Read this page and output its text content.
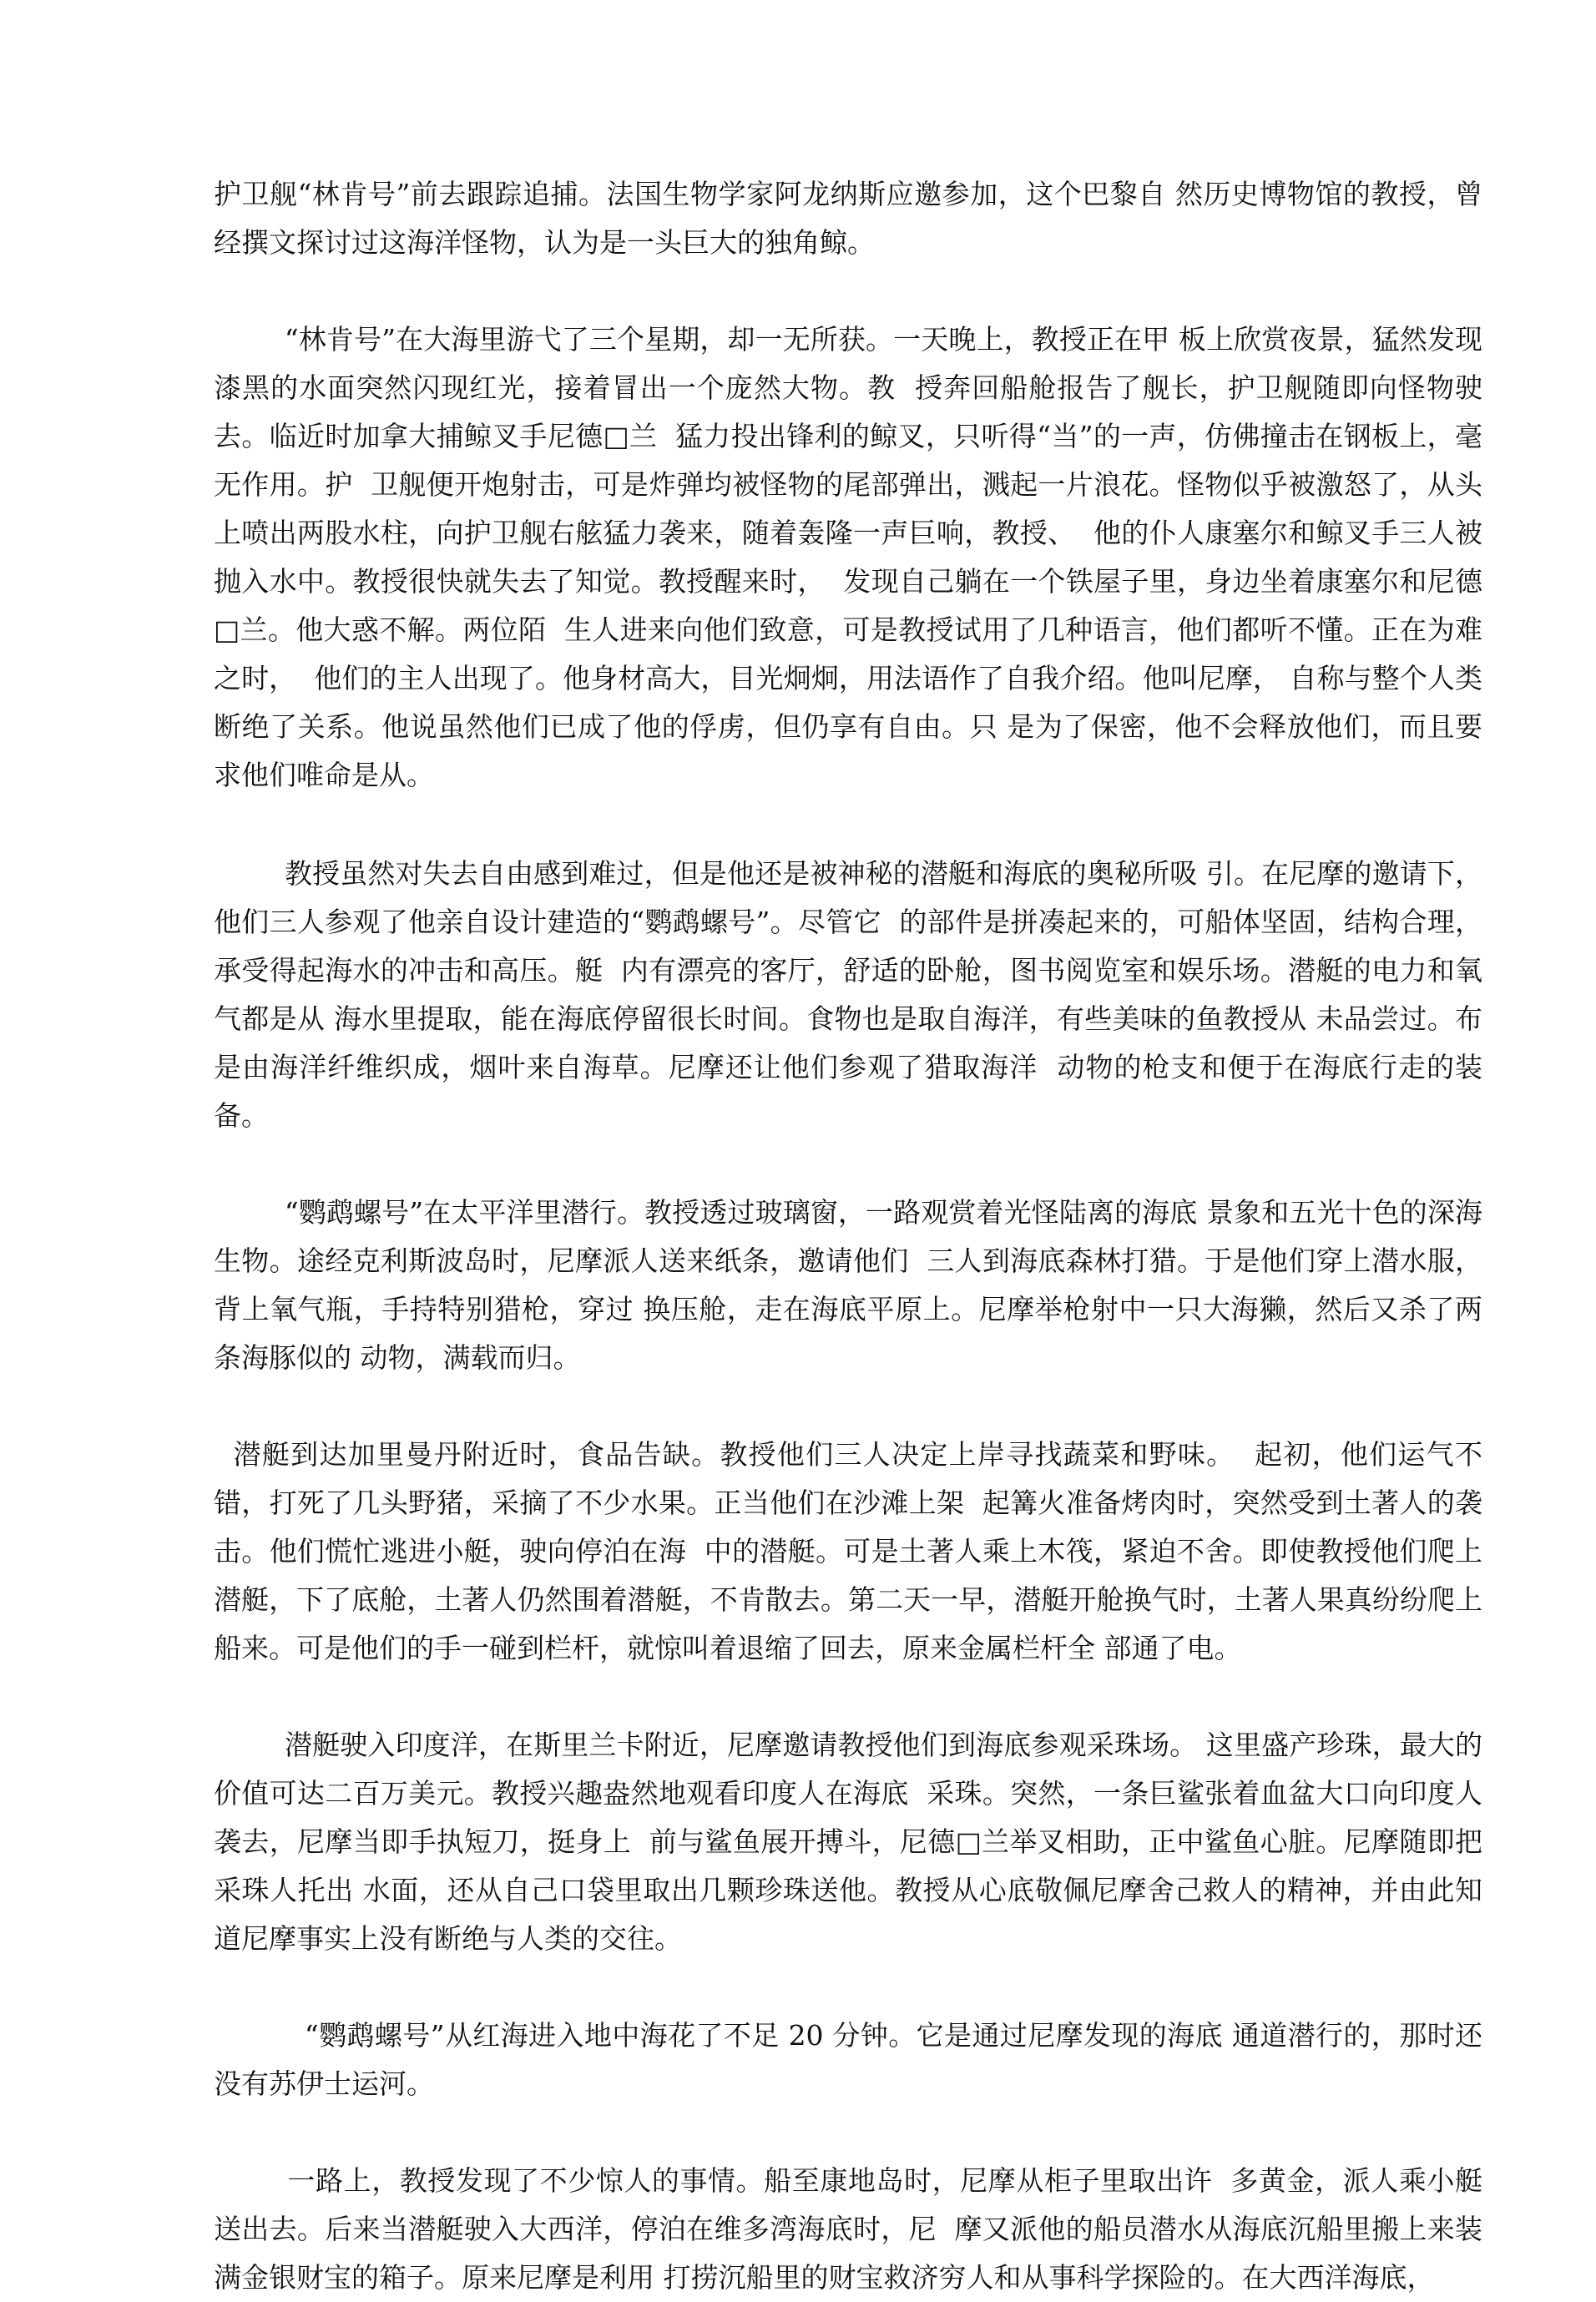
护卫舰“林肯号”前去跟踪追捕。法国生物学家阿龙纳斯应邀参加，这个巴黎自 然历史博物馆的教授，曾经撰文探讨过这海洋怪物，认为是一头巨大的独角鲸。

“林肯号”在大海里游弋了三个星期，却一无所获。一天晚上，教授正在甲 板上欣赏夜景，猛然发现漆黑的水面突然闪现红光，接着冒出一个庞然大物。教  授奔回船舱报告了舰长，护卫舰随即向怪物驶去。临近时加拿大捕鲸叉手尼德□兰  猛力投出锋利的鲸叉，只听得“当”的一声，仿佛撞击在钢板上，毫无作用。护  卫舰便开炮射击，可是炸弹均被怪物的尾部弹出，溅起一片浪花。怪物似乎被激怒了，从头上喷出两股水柱，向护卫舰右舷猛力袭来，随着轰隆一声巨响，教授、  他的仆人康塞尔和鲸叉手三人被抛入水中。教授很快就失去了知觉。教授醒来时，  发现自己躺在一个铁屋子里，身边坐着康塞尔和尼德□兰。他大惑不解。两位陌  生人进来向他们致意，可是教授试用了几种语言，他们都听不懂。正在为难之时，  他们的主人出现了。他身材高大，目光炯炯，用法语作了自我介绍。他叫尼摩， 自称与整个人类断绝了关系。他说虽然他们已成了他的俘虏，但仍享有自由。只 是为了保密，他不会释放他们，而且要求他们唯命是从。

教授虽然对失去自由感到难过，但是他还是被神秘的潜艇和海底的奥秘所吸 引。在尼摩的邀请下，他们三人参观了他亲自设计建造的“鹦鹉螺号”。尽管它  的部件是拼凑起来的，可船体坚固，结构合理，承受得起海水的冲击和高压。艇  内有漂亮的客厅，舒适的卧舱，图书阅览室和娱乐场。潜艇的电力和氧气都是从 海水里提取，能在海底停留很长时间。食物也是取自海洋，有些美味的鱼教授从 未品尝过。布是由海洋纤维织成，烟叶来自海草。尼摩还让他们参观了猎取海洋  动物的枪支和便于在海底行走的装备。

“鹦鹉螺号”在太平洋里潜行。教授透过玻璃窗，一路观赏着光怪陆离的海底 景象和五光十色的深海生物。途经克利斯波岛时，尼摩派人送来纸条，邀请他们  三人到海底森林打猎。于是他们穿上潜水服，背上氧气瓶，手持特别猎枪，穿过 换压舱，走在海底平原上。尼摩举枪射中一只大海獭，然后又杀了两条海豚似的 动物，满载而归。

潜艇到达加里曼丹附近时，食品告缺。教授他们三人决定上岸寻找蔬菜和野味。  起初，他们运气不错，打死了几头野猪，采摘了不少水果。正当他们在沙滩上架  起篝火准备烤肉时，突然受到土著人的袭击。他们慌忙逃进小艇，驶向停泊在海  中的潜艇。可是土著人乘上木筏，紧迫不舍。即使教授他们爬上潜艇，下了底舱，土著人仍然围着潜艇，不肯散去。第二天一早，潜艇开舱换气时，土著人果真纷纷爬上船来。可是他们的手一碰到栏杆，就惊叫着退缩了回去，原来金属栏杆全 部通了电。

潜艇驶入印度洋，在斯里兰卡附近，尼摩邀请教授他们到海底参观采珠场。 这里盛产珍珠，最大的价值可达二百万美元。教授兴趣盎然地观看印度人在海底  采珠。突然，一条巨鲨张着血盆大口向印度人袭去，尼摩当即手执短刀，挺身上  前与鲨鱼展开搏斗，尼德□兰举叉相助，正中鲨鱼心脏。尼摩随即把采珠人托出 水面，还从自己口袋里取出几颗珍珠送他。教授从心底敬佩尼摩舍己救人的精神，并由此知道尼摩事实上没有断绝与人类的交往。

“鹦鹉螺号”从红海进入地中海花了不足 20 分钟。它是通过尼摩发现的海底 通道潜行的，那时还没有苏伊士运河。

一路上，教授发现了不少惊人的事情。船至康地岛时，尼摩从柜子里取出许  多黄金，派人乘小艇送出去。后来当潜艇驶入大西洋，停泊在维多湾海底时，尼  摩又派他的船员潜水从海底沉船里搬上来装满金银财宝的箱子。原来尼摩是利用 打捞沉船里的财宝救济穷人和从事科学探险的。在大西洋海底，
